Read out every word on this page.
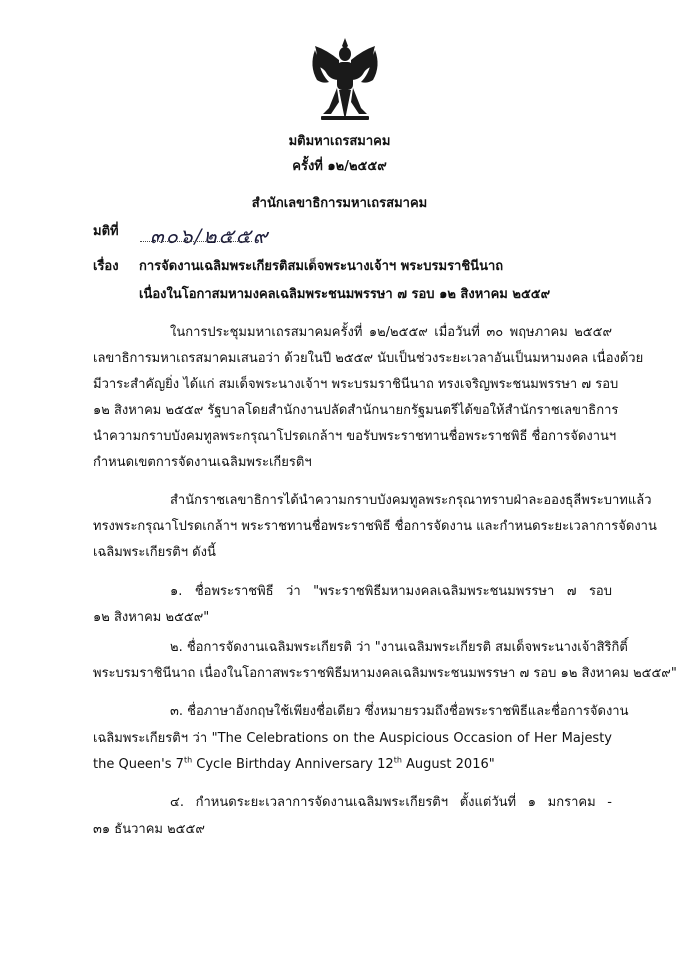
มติมหาเถรสมาคม
ครั้งที่ ๑๒/๒๕๕๙
สำนักเลขาธิการมหาเถรสมาคม
มติที่ ๓๐๖/๒๕๕๙
เรื่อง การจัดงานเฉลิมพระเกียรติสมเด็จพระนางเจ้าฯ พระบรมราชินีนาถ
เนื่องในโอกาสมหามงคลเฉลิมพระชนมพรรษา ๗ รอบ ๑๒ สิงหาคม ๒๕๕๙
ในการประชุมมหาเถรสมาคมครั้งที่ ๑๒/๒๕๕๙ เมื่อวันที่ ๓๐ พฤษภาคม ๒๕๕๙
เลขาธิการมหาเถรสมาคมเสนอว่า ด้วยในปี ๒๕๕๙ นับเป็นช่วงระยะเวลาอันเป็นมหามงคล เนื่องด้วย
มีวาระสำคัญยิ่ง ได้แก่ สมเด็จพระนางเจ้าฯ พระบรมราชินีนาถ ทรงเจริญพระชนมพรรษา ๗ รอบ
๑๒ สิงหาคม ๒๕๕๙ รัฐบาลโดยสำนักงานปลัดสำนักนายกรัฐมนตรีได้ขอให้สำนักราชเลขาธิการ
นำความกราบบังคมทูลพระกรุณาโปรดเกล้าฯ ขอรับพระราชทานชื่อพระราชพิธี ชื่อการจัดงานฯ
กำหนดเขตการจัดงานเฉลิมพระเกียรติฯ
สำนักราชเลขาธิการได้นำความกราบบังคมทูลพระกรุณาทราบฝ่าละอองธุลีพระบาทแล้ว
ทรงพระกรุณาโปรดเกล้าฯ พระราชทานชื่อพระราชพิธี ชื่อการจัดงาน และกำหนดระยะเวลาการจัดงาน
เฉลิมพระเกียรติฯ ดังนี้
๑. ชื่อพระราชพิธี ว่า "พระราชพิธีมหามงคลเฉลิมพระชนมพรรษา ๗ รอบ
๑๒ สิงหาคม ๒๕๕๙"
๒. ชื่อการจัดงานเฉลิมพระเกียรติ ว่า "งานเฉลิมพระเกียรติ สมเด็จพระนางเจ้าสิริกิติ์
พระบรมราชินีนาถ เนื่องในโอกาสพระราชพิธีมหามงคลเฉลิมพระชนมพรรษา ๗ รอบ ๑๒ สิงหาคม ๒๕๕๙"
๓. ชื่อภาษาอังกฤษใช้เพียงชื่อเดียว ซึ่งหมายรวมถึงชื่อพระราชพิธีและชื่อการจัดงาน
เฉลิมพระเกียรติฯ ว่า "The Celebrations on the Auspicious Occasion of Her Majesty
the Queen's 7th Cycle Birthday Anniversary 12th August 2016"
๔. กำหนดระยะเวลาการจัดงานเฉลิมพระเกียรติฯ ตั้งแต่วันที่ ๑ มกราคม -
๓๑ ธันวาคม ๒๕๕๙
